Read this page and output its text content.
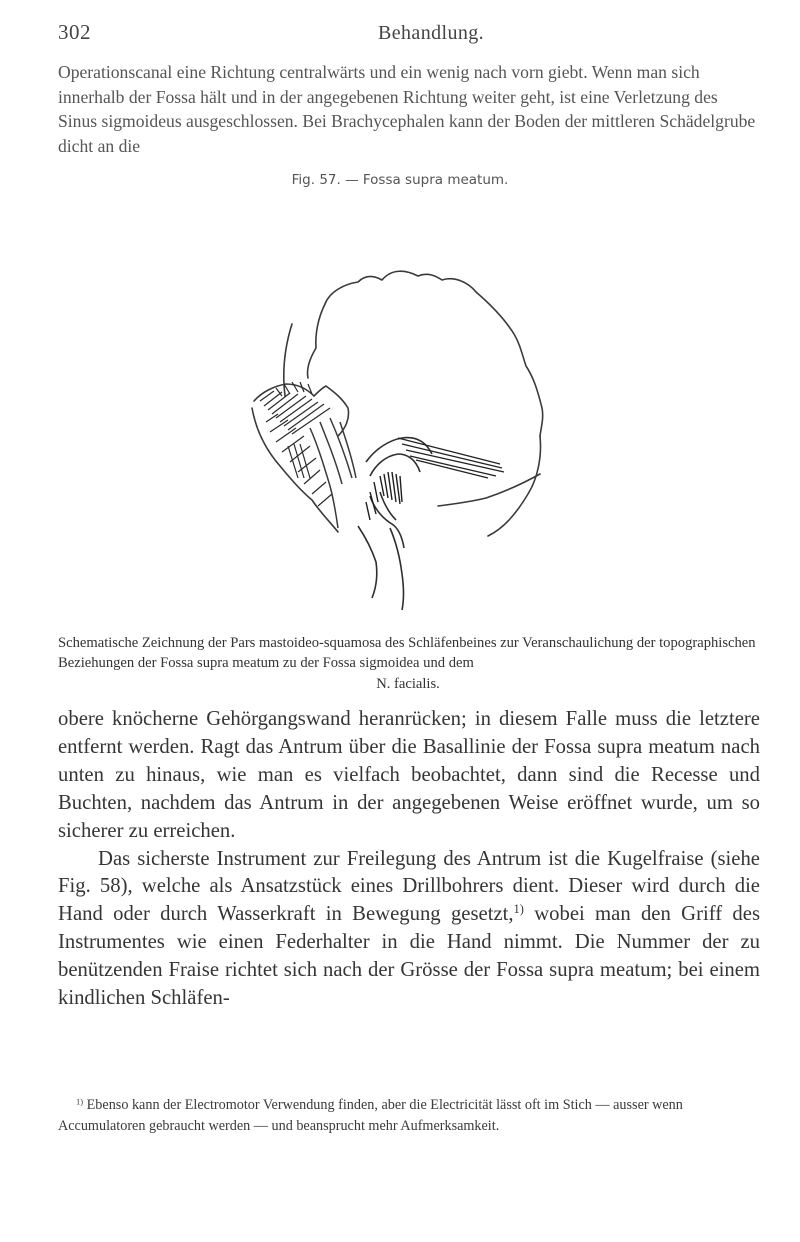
302	Behandlung.

Operationscanal eine Richtung centralwärts und ein wenig nach vorn giebt. Wenn man sich innerhalb der Fossa hält und in der angegebenen Richtung weiter geht, ist eine Verletzung des Sinus sigmoideus ausgeschlossen. Bei Brachycephalen kann der Boden der mittleren Schädelgrube dicht an die

Fig. 57. — Fossa supra meatum.

Schematische Zeichnung der Pars mastoideo-squamosa des Schläfenbeines zur Veranschaulichung der topographischen Beziehungen der Fossa supra meatum zu der Fossa sigmoidea und dem

N. facialis.

obere knöcherne Gehörgangswand heranrücken; in diesem Falle muss die letztere entfernt werden. Ragt das Antrum über die Basallinie der Fossa supra meatum nach unten zu hinaus, wie man es vielfach beobachtet, dann sind die Recesse und Buchten, nachdem das Antrum in der angegebenen Weise eröffnet wurde, um so sicherer zu erreichen.

Das sicherste Instrument zur Freilegung des Antrum ist die Kugelfraise (siehe Fig. 58), welche als Ansatzstück eines Drillbohrers dient. Dieser wird durch die Hand oder durch Wasserkraft in Bewegung gesetzt,$^{1)}$ wobei man den Griff des Instrumentes wie einen Federhalter in die Hand nimmt. Die Nummer der zu benützenden Fraise richtet sich nach der Grösse der Fossa supra meatum; bei einem kindlichen Schläfen-

$^{1)}$ Ebenso kann der Electromotor Verwendung finden, aber die Electricität lässt oft im Stich — ausser wenn Accumulatoren gebraucht werden — und beansprucht mehr Aufmerksamkeit.
